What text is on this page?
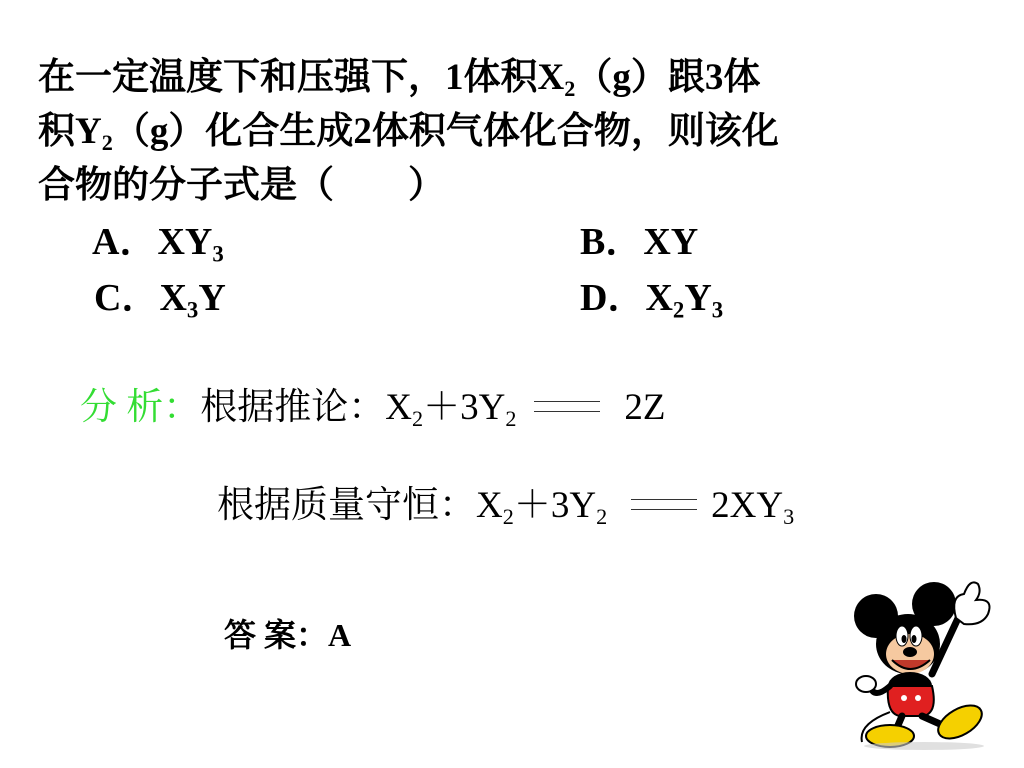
在一定温度下和压强下，1体积$X_2(g)$跟3体
积$Y_2(g)$化合生成2体积气体化合物，则该化
合物的分子式是（　　）
A．$XY_3$	B．XY
C．$X_3Y$	D．$X_2Y_3$
分 析：根据推论：$X_2+3Y_2$	2Z
根据质量守恒：$X_2+3Y_2$	$2XY_3$
答 案：A
